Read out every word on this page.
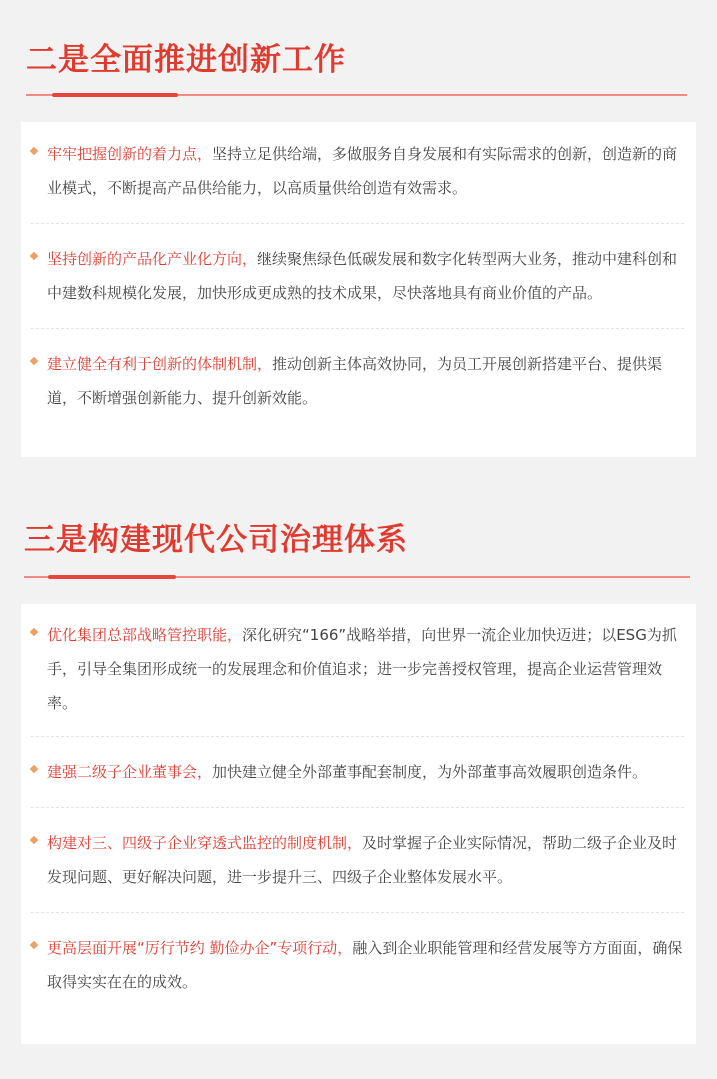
二是全面推进创新工作
牢牢把握创新的着力点，坚持立足供给端，多做服务自身发展和有实际需求的创新，创造新的商业模式，不断提高产品供给能力，以高质量供给创造有效需求。
坚持创新的产品化产业化方向，继续聚焦绿色低碳发展和数字化转型两大业务，推动中建科创和中建数科规模化发展，加快形成更成熟的技术成果，尽快落地具有商业价值的产品。
建立健全有利于创新的体制机制，推动创新主体高效协同，为员工开展创新搭建平台、提供渠道，不断增强创新能力、提升创新效能。
三是构建现代公司治理体系
优化集团总部战略管控职能，深化研究“166”战略举措，向世界一流企业加快迈进；以ESG为抓手，引导全集团形成统一的发展理念和价值追求；进一步完善授权管理，提高企业运营管理效率。
建强二级子企业董事会，加快建立健全外部董事配套制度，为外部董事高效履职创造条件。
构建对三、四级子企业穿透式监控的制度机制，及时掌握子企业实际情况，帮助二级子企业及时发现问题、更好解决问题，进一步提升三、四级子企业整体发展水平。
更高层面开展“厉行节约 勤俭办企”专项行动，融入到企业职能管理和经营发展等方方面面，确保取得实实在在的成效。
